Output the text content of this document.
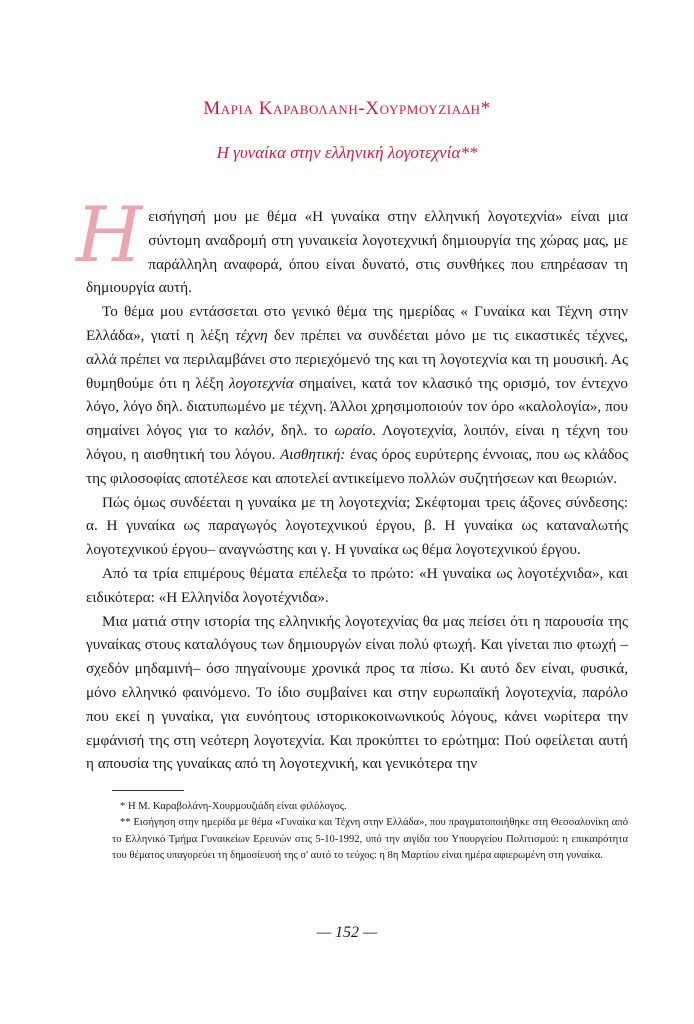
Μαρια Καραβολανη-Χουρμουζιαδη*
Η γυναίκα στην ελληνική λογοτεχνία**

Ηεισήγησή μου με θέμα «Η γυναίκα στην ελληνική λογοτεχνία» είναι μια σύντομη αναδρομή στη γυναικεία λογοτεχνική δημιουργία της χώρας μας, με παράλληλη αναφορά, όπου είναι δυνατό, στις συνθήκες που επηρέασαν τη δημιουργία αυτή.

Το θέμα μου εντάσσεται στο γενικό θέμα της ημερίδας « Γυναίκα και Τέχνη στην Ελλάδα», γιατί η λέξη τέχνη δεν πρέπει να συνδέεται μόνο με τις εικαστικές τέχνες, αλλά πρέπει να περιλαμβάνει στο περιεχόμενό της και τη λογοτεχνία και τη μουσική. Ας θυμηθούμε ότι η λέξη λογοτεχνία σημαίνει, κατά τον κλασικό της ορισμό, τον έντεχνο λόγο, λόγο δηλ. διατυπωμένο με τέχνη. Άλλοι χρησιμοποιούν τον όρο «καλολογία», που σημαίνει λόγος για το καλόν, δηλ. το ωραίο. Λογοτεχνία, λοιπόν, είναι η τέχνη του λόγου, η αισθητική του λόγου. Αισθητική: ένας όρος ευρύτερης έννοιας, που ως κλάδος της φιλοσοφίας αποτέλεσε και αποτελεί αντικείμενο πολλών συζητήσεων και θεωριών.

Πώς όμως συνδέεται η γυναίκα με τη λογοτεχνία; Σκέφτομαι τρεις άξονες σύνδεσης: α. Η γυναίκα ως παραγωγός λογοτεχνικού έργου, β. Η γυναίκα ως καταναλωτής λογοτεχνικού έργου– αναγνώστης και γ. Η γυναίκα ως θέμα λογοτεχνικού έργου.

Από τα τρία επιμέρους θέματα επέλεξα το πρώτο: «Η γυναίκα ως λογοτέχνιδα», και ειδικότερα: «Η Ελληνίδα λογοτέχνιδα».

Μια ματιά στην ιστορία της ελληνικής λογοτεχνίας θα μας πείσει ότι η παρουσία της γυναίκας στους καταλόγους των δημιουργών είναι πολύ φτωχή. Και γίνεται πιο φτωχή –σχεδόν μηδαμινή– όσο πηγαίνουμε χρονικά προς τα πίσω. Κι αυτό δεν είναι, φυσικά, μόνο ελληνικό φαινόμενο. Το ίδιο συμβαίνει και στην ευρωπαϊκή λογοτεχνία, παρόλο που εκεί η γυναίκα, για ευνόητους ιστορικοκοινωνικούς λόγους, κάνει νωρίτερα την εμφάνισή της στη νεότερη λογοτεχνία. Και προκύπτει το ερώτημα: Πού οφείλεται αυτή η απουσία της γυναίκας από τη λογοτεχνική, και γενικότερα την

* Η Μ. Καραβολάνη-Χουρμουζιάδη είναι φιλόλογος.

** Εισήγηση στην ημερίδα με θέμα «Γυναίκα και Τέχνη στην Ελλάδα», που πραγματοποιήθηκε στη Θεσσαλονίκη από το Ελληνικό Τμήμα Γυναικείων Ερευνών στις 5-10-1992, υπό την αιγίδα του Υπουργείου Πολιτισμού: η επικαιρότητα του θέματος υπαγορεύει τη δημοσίευσή της σ' αυτό το τεύχος: η 8η Μαρτίου είναι ημέρα αφιερωμένη στη γυναίκα.

— 152 —
